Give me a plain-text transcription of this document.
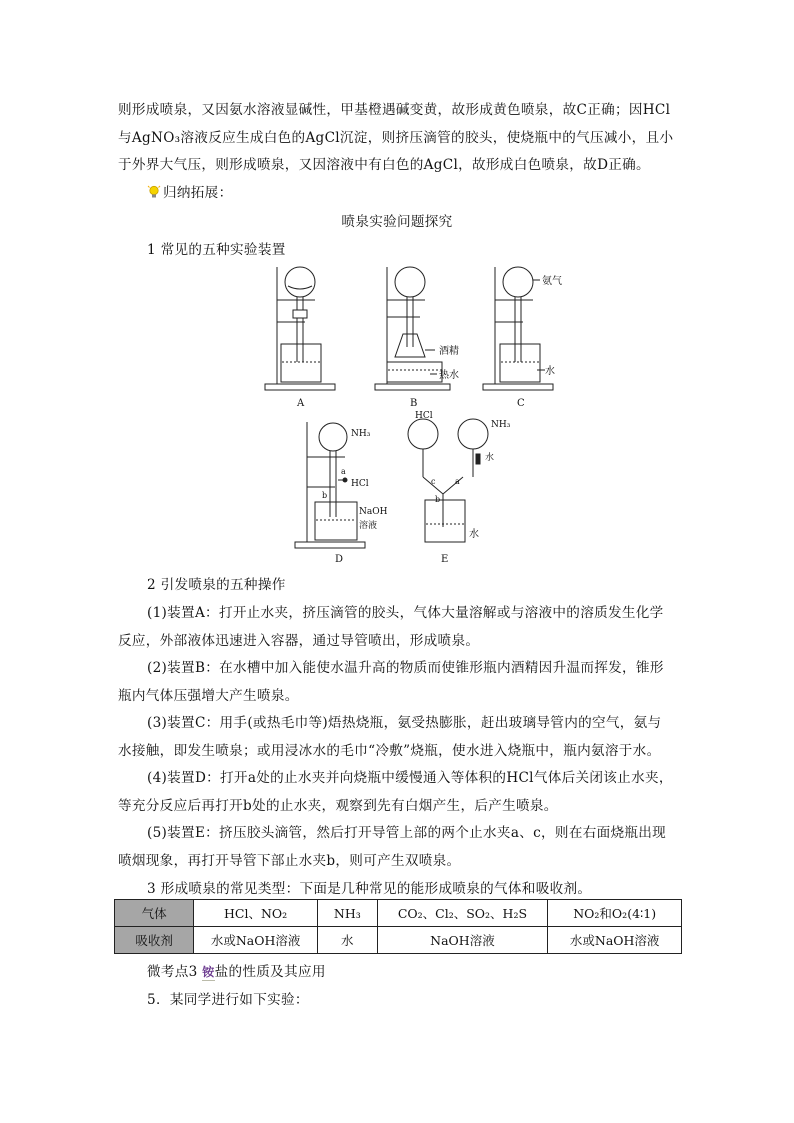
则形成喷泉，又因氨水溶液显碱性，甲基橙遇碱变黄，故形成黄色喷泉，故C正确；因HCl
与AgNO₃溶液反应生成白色的AgCl沉淀，则挤压滴管的胶头，使烧瓶中的气压减小，且小
于外界大气压，则形成喷泉，又因溶液中有白色的AgCl，故形成白色喷泉，故D正确。
归纳拓展：
喷泉实验问题探究
1 常见的五种实验装置
A	B
酒精
热水
C
氨气
水
D
NH₃
a
HCl
b
NaOH
溶液
E
HCl
NH₃
水
水
c a
b
2 引发喷泉的五种操作
(1)装置A：打开止水夹，挤压滴管的胶头，气体大量溶解或与溶液中的溶质发生化学
反应，外部液体迅速进入容器，通过导管喷出，形成喷泉。
(2)装置B：在水槽中加入能使水温升高的物质而使锥形瓶内酒精因升温而挥发，锥形
瓶内气体压强增大产生喷泉。
(3)装置C：用手(或热毛巾等)焐热烧瓶，氨受热膨胀，赶出玻璃导管内的空气，氨与
水接触，即发生喷泉；或用浸冰水的毛巾“冷敷”烧瓶，使水进入烧瓶中，瓶内氨溶于水。
(4)装置D：打开a处的止水夹并向烧瓶中缓慢通入等体积的HCl气体后关闭该止水夹，
等充分反应后再打开b处的止水夹，观察到先有白烟产生，后产生喷泉。
(5)装置E：挤压胶头滴管，然后打开导管上部的两个止水夹a、c，则在右面烧瓶出现
喷烟现象，再打开导管下部止水夹b，则可产生双喷泉。
3 形成喷泉的常见类型：下面是几种常见的能形成喷泉的气体和吸收剂。
气体	HCl、NO₂	NH₃	CO₂、Cl₂、SO₂、H₂S	NO₂和O₂(4∶1)
吸收剂	水或NaOH溶液	水	NaOH溶液	水或NaOH溶液
微考点3 铵盐的性质及其应用
5．某同学进行如下实验：
